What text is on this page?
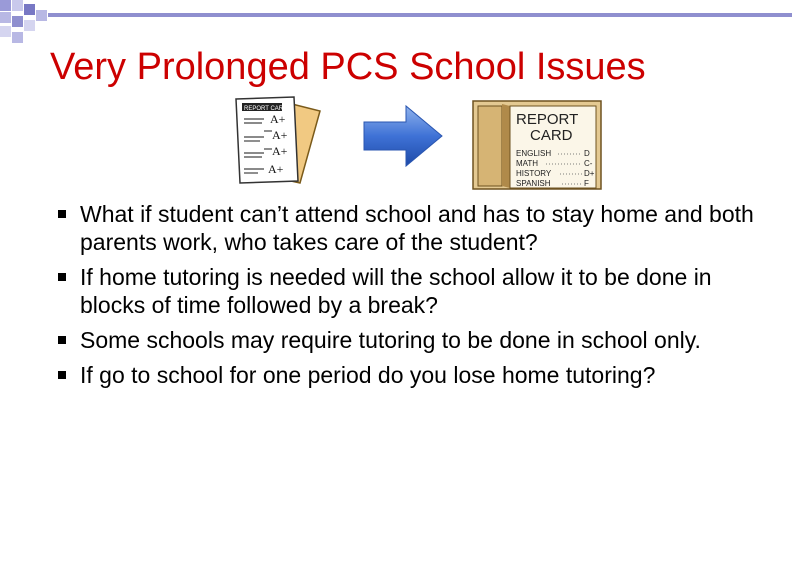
Very Prolonged PCS School Issues
REPORT CARD
A+
A+
A+
A+
REPORT
CARD
ENGLISH
MATH
HISTORY
SPANISH
D
C-
D+
F
What if student can’t attend school and has to stay home and both parents work, who takes care of the student?
If home tutoring is needed will the school allow it to be done in blocks of time followed by a break?
Some schools may require tutoring to be done in school only.
If go to school for one period do you lose home tutoring?
